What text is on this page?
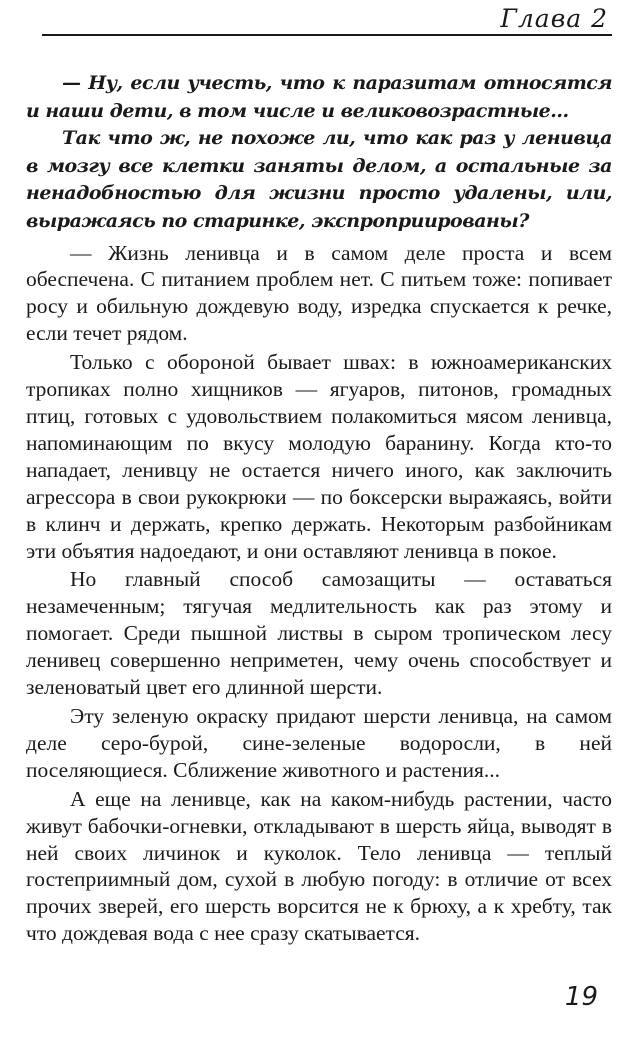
Глава 2

— Ну, если учесть, что к паразитам относятся и наши дети, в том числе и великовозрастные...

Так что ж, не похоже ли, что как раз у ленивца в мозгу все клетки заняты делом, а остальные за ненадобностью для жизни просто удалены, или, выражаясь по старинке, экспроприированы?

— Жизнь ленивца и в самом деле проста и всем обеспечена. С питанием проблем нет. С питьем тоже: попивает росу и обильную дождевую воду, изредка спускается к речке, если течет рядом.

Только с обороной бывает швах: в южноамериканских тропиках полно хищников — ягуаров, питонов, громадных птиц, готовых с удовольствием полакомиться мясом ленивца, напоминающим по вкусу молодую баранину. Когда кто-то нападает, ленивцу не остается ничего иного, как заключить агрессора в свои рукокрюки — по боксерски выражаясь, войти в клинч и держать, крепко держать. Некоторым разбойникам эти объятия надоедают, и они оставляют ленивца в покое.

Но главный способ самозащиты — оставаться незамеченным; тягучая медлительность как раз этому и помогает. Среди пышной листвы в сыром тропическом лесу ленивец совершенно неприметен, чему очень способствует и зеленоватый цвет его длинной шерсти.

Эту зеленую окраску придают шерсти ленивца, на самом деле серо-бурой, сине-зеленые водоросли, в ней поселяющиеся. Сближение животного и растения...

А еще на ленивце, как на каком-нибудь растении, часто живут бабочки-огневки, откладывают в шерсть яйца, выводят в ней своих личинок и куколок. Тело ленивца — теплый гостеприимный дом, сухой в любую погоду: в отличие от всех прочих зверей, его шерсть ворсится не к брюху, а к хребту, так что дождевая вода с нее сразу скатывается.

19
